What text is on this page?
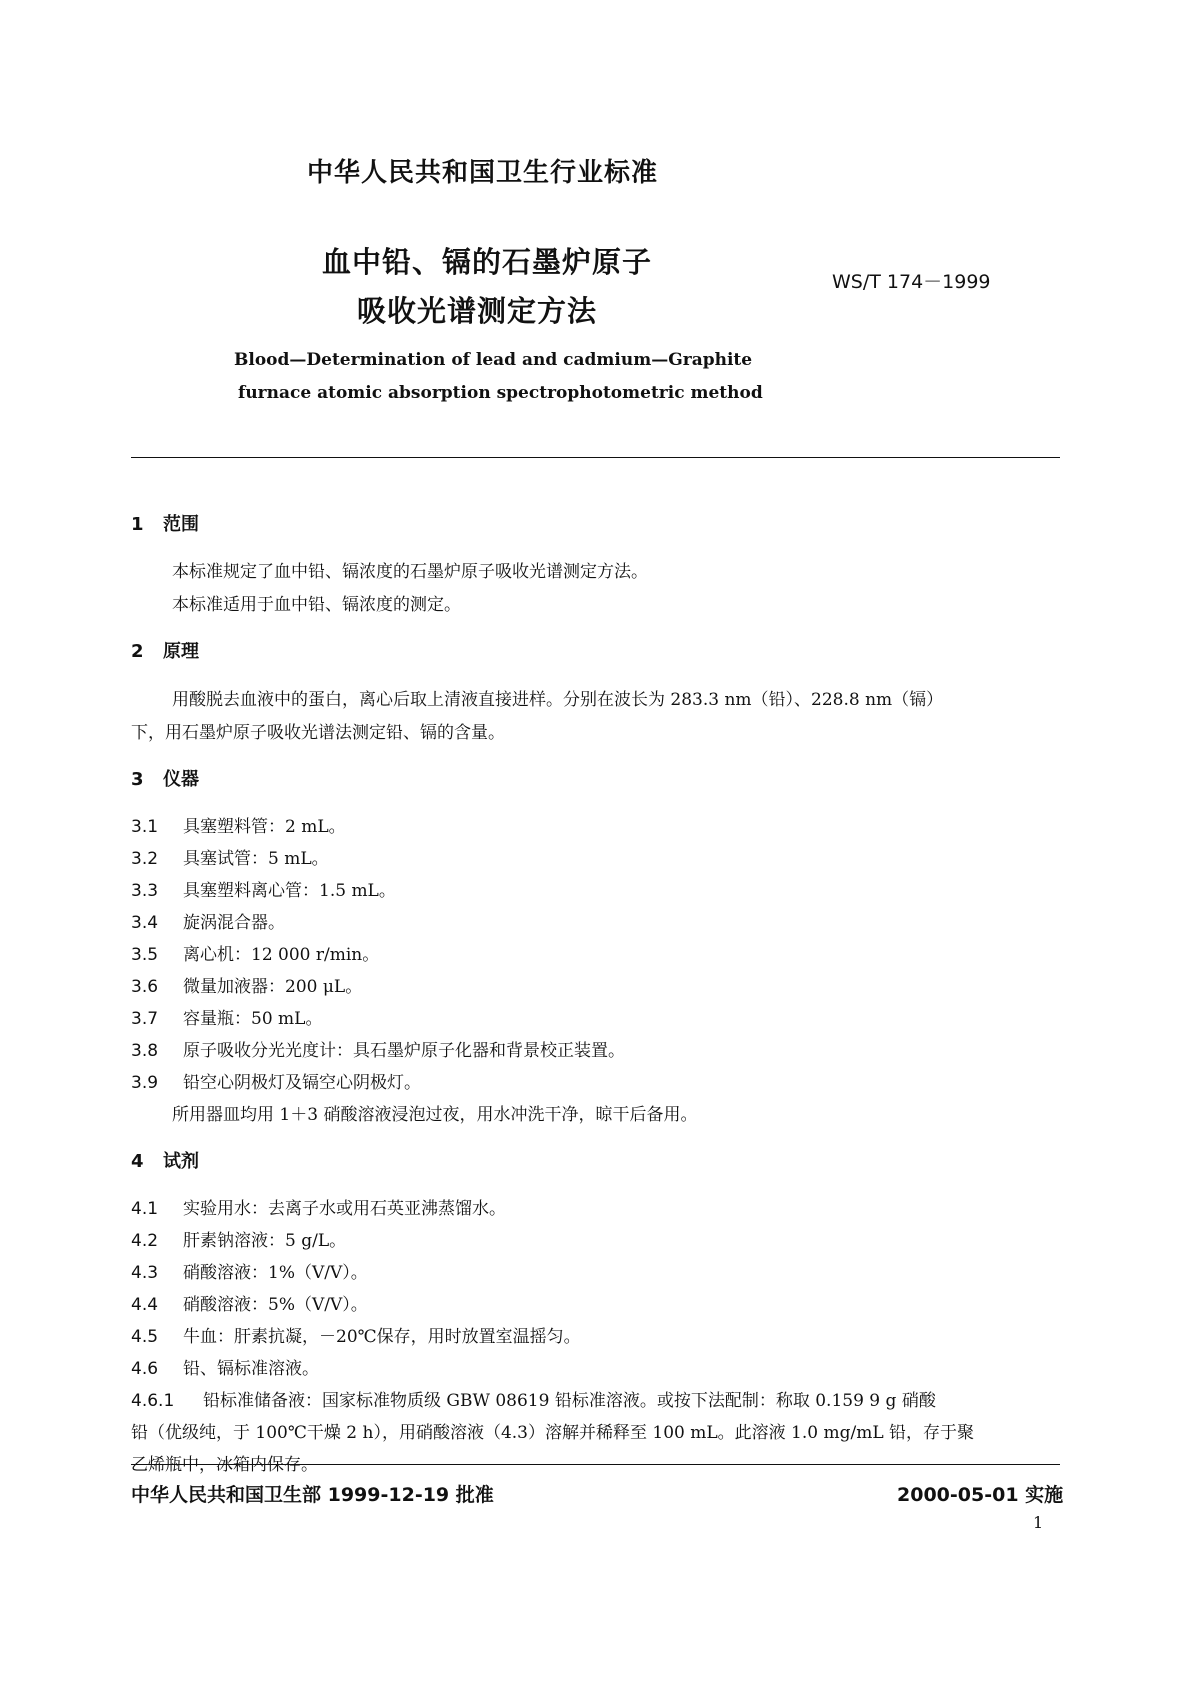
中华人民共和国卫生行业标准
血中铅、镉的石墨炉原子
吸收光谱测定方法
WS/T 174－1999
Blood—Determination of lead and cadmium—Graphite
furnace atomic absorption spectrophotometric method
1 范围
本标准规定了血中铅、镉浓度的石墨炉原子吸收光谱测定方法。
本标准适用于血中铅、镉浓度的测定。
2 原理
用酸脱去血液中的蛋白，离心后取上清液直接进样。分别在波长为 283.3 nm（铅）、228.8 nm（镉）
下，用石墨炉原子吸收光谱法测定铅、镉的含量。
3 仪器
3.1 具塞塑料管：2 mL。
3.2 具塞试管：5 mL。
3.3 具塞塑料离心管：1.5 mL。
3.4 旋涡混合器。
3.5 离心机：12 000 r/min。
3.6 微量加液器：200 μL。
3.7 容量瓶：50 mL。
3.8 原子吸收分光光度计：具石墨炉原子化器和背景校正装置。
3.9 铅空心阴极灯及镉空心阴极灯。
所用器皿均用 1＋3 硝酸溶液浸泡过夜，用水冲洗干净，晾干后备用。
4 试剂
4.1 实验用水：去离子水或用石英亚沸蒸馏水。
4.2 肝素钠溶液：5 g/L。
4.3 硝酸溶液：1%（V/V）。
4.4 硝酸溶液：5%（V/V）。
4.5 牛血：肝素抗凝，－20℃保存，用时放置室温摇匀。
4.6 铅、镉标准溶液。
4.6.1 铅标准储备液：国家标准物质级 GBW 08619 铅标准溶液。或按下法配制：称取 0.159 9 g 硝酸
铅（优级纯，于 100℃干燥 2 h），用硝酸溶液（4.3）溶解并稀释至 100 mL。此溶液 1.0 mg/mL 铅，存于聚
乙烯瓶中，冰箱内保存。
中华人民共和国卫生部 1999-12-19 批准	2000-05-01 实施
1
